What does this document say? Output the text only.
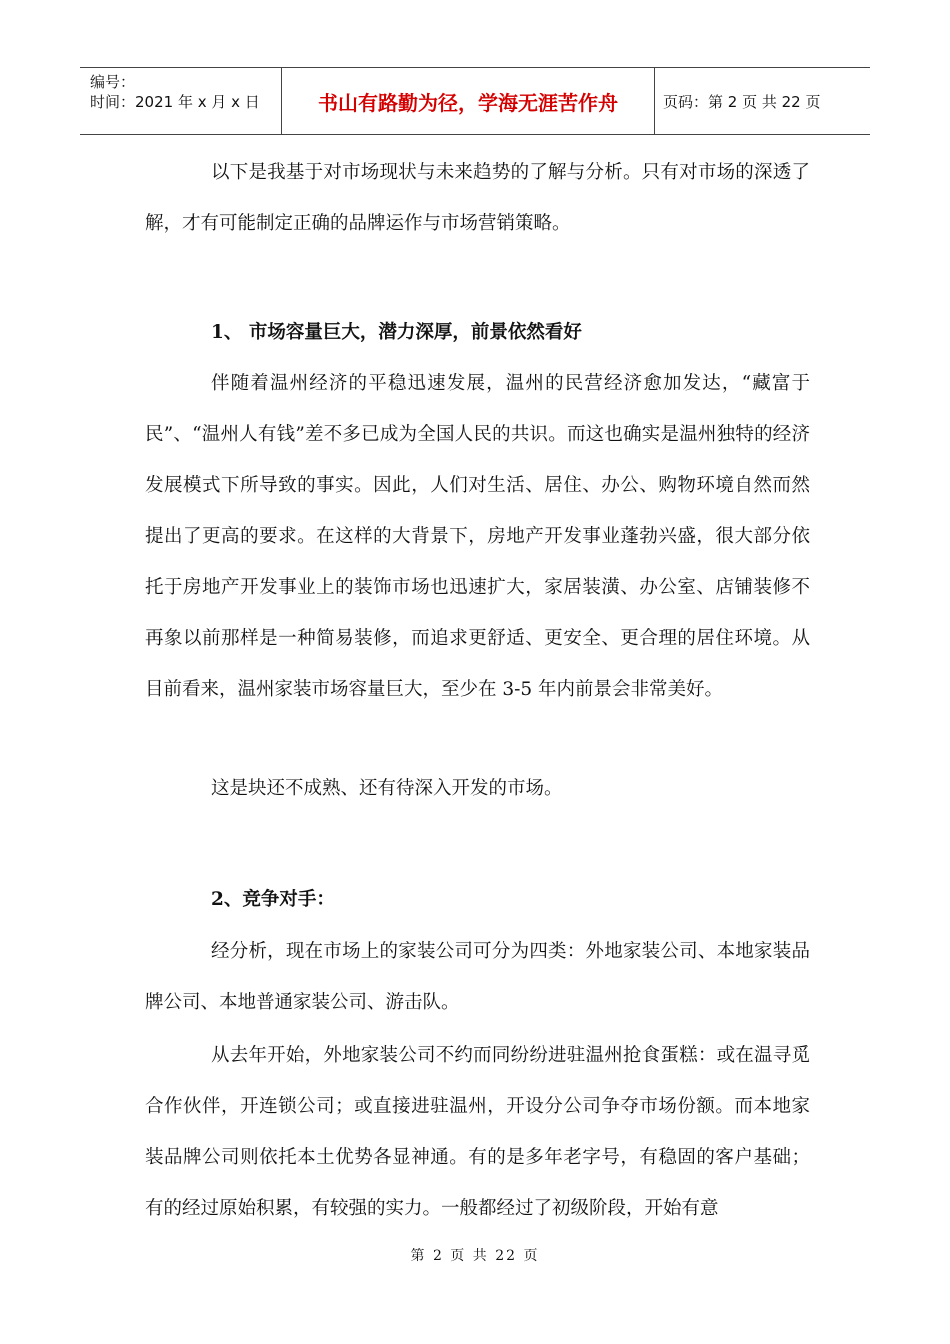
编号：
时间：2021 年 x 月 x 日	书山有路勤为径，学海无涯苦作舟	页码：第 2 页 共 22 页

以下是我基于对市场现状与未来趋势的了解与分析。只有对市场的深透了解，才有可能制定正确的品牌运作与市场营销策略。

1、 市场容量巨大，潜力深厚，前景依然看好

伴随着温州经济的平稳迅速发展，温州的民营经济愈加发达，“藏富于民”、“温州人有钱”差不多已成为全国人民的共识。而这也确实是温州独特的经济发展模式下所导致的事实。因此，人们对生活、居住、办公、购物环境自然而然提出了更高的要求。在这样的大背景下，房地产开发事业蓬勃兴盛，很大部分依托于房地产开发事业上的装饰市场也迅速扩大，家居装潢、办公室、店铺装修不再象以前那样是一种简易装修，而追求更舒适、更安全、更合理的居住环境。从目前看来，温州家装市场容量巨大，至少在 3-5 年内前景会非常美好。

这是块还不成熟、还有待深入开发的市场。

2、竞争对手：

经分析，现在市场上的家装公司可分为四类：外地家装公司、本地家装品牌公司、本地普通家装公司、游击队。

从去年开始，外地家装公司不约而同纷纷进驻温州抢食蛋糕：或在温寻觅合作伙伴，开连锁公司；或直接进驻温州，开设分公司争夺市场份额。而本地家装品牌公司则依托本土优势各显神通。有的是多年老字号，有稳固的客户基础；有的经过原始积累，有较强的实力。一般都经过了初级阶段，开始有意

第 2 页 共 22 页
